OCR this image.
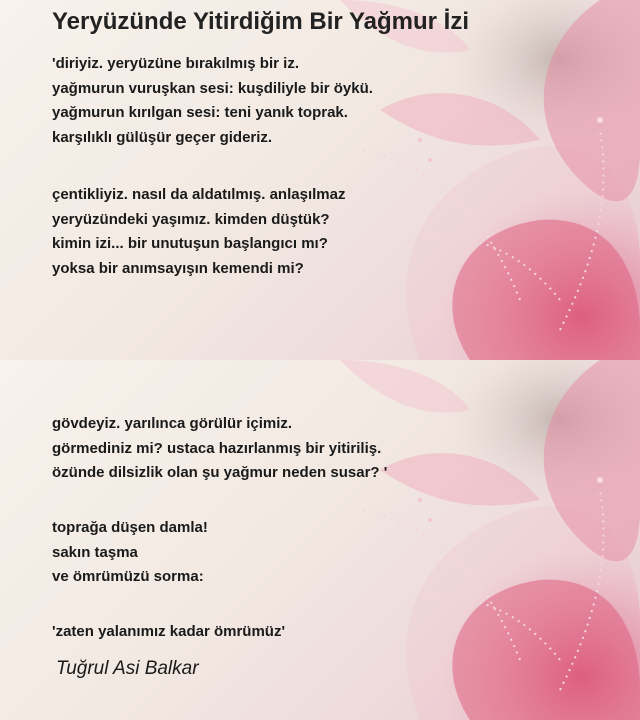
Yeryüzünde Yitirdiğim Bir Yağmur İzi
'diriyiz. yeryüzüne bırakılmış bir iz.
yağmurun vuruşkan sesi: kuşdiliyle bir öykü.
yağmurun kırılgan sesi: teni yanık toprak.
karşılıklı gülüşür geçer gideriz.
çentikliyiz. nasıl da aldatılmış. anlaşılmaz
yeryüzündeki yaşımız. kimden düştük?
kimin izi... bir unutuşun başlangıcı mı?
yoksa bir anımsayışın kemendi mi?
gövdeyiz. yarılınca görülür içimiz.
görmediniz mi? ustaca hazırlanmış bir yitiriliş.
özünde dilsizlik olan şu yağmur neden susar? '
toprağa düşen damla!
sakın taşma
ve ömrümüzü sorma:
'zaten yalanımız kadar ömrümüz'
Tuğrul Asi Balkar
